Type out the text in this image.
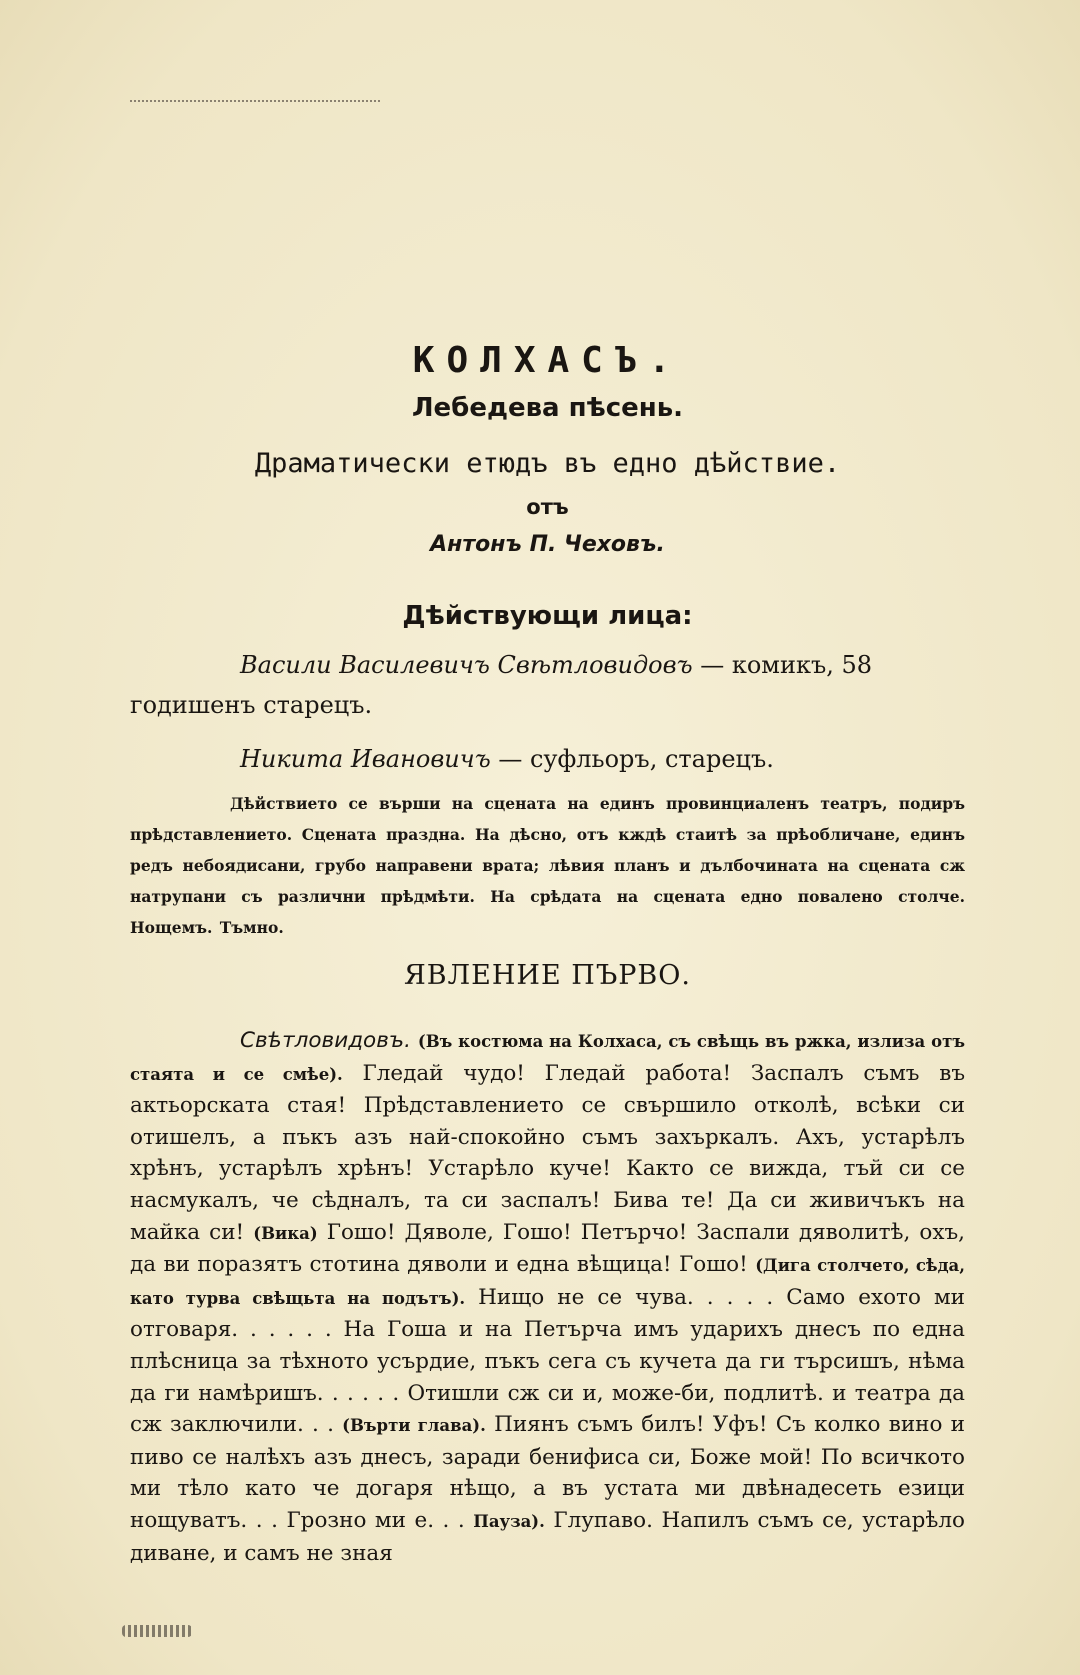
КОЛХАСЪ.
Лебедева пѣсень.
Драматически етюдъ въ едно дѣйствие.
отъ
Антонъ П. Чеховъ.
Дѣйствующи лица:

Васили Василевичъ Свѣтловидовъ — комикъ, 58 годишенъ старецъ.

Никита Ивановичъ — суфльоръ, старецъ.

Дѣйствието се върши на сцената на единъ провинциаленъ театръ, подиръ прѣдставлението. Сцената праздна. На дѣсно, отъ кждѣ стаитѣ за прѣобличане, единъ редъ небоядисани, грубо направени врата; лѣвия планъ и дълбочината на сцената сж натрупани съ различни прѣдмѣти. На срѣдата на сцената едно повалено столче. Нощемъ. Тъмно.
ЯВЛЕНИЕ ПЪРВО.
Свѣтловидовъ. (Въ костюма на Колхаса, съ свѣщь въ ржка, излиза отъ стаята и се смѣе). Гледай чудо! Гледай работа! Заспалъ съмъ въ актьорската стая! Прѣдставлението се свършило отколѣ, всѣки си отишелъ, а пъкъ азъ най-спокойно съмъ захъркалъ. Ахъ, устарѣлъ хрѣнъ, устарѣлъ хрѣнъ! Устарѣло куче! Както се вижда, тъй си се насмукалъ, че сѣдналъ, та си заспалъ! Бива те! Да си живичъкъ на майка си! (Вика) Гошо! Дяволе, Гошо! Петърчо! Заспали дяволитѣ, охъ, да ви поразятъ стотина дяволи и една вѣщица! Гошо! (Дига столчето, сѣда, като турва свѣщьта на подътъ). Нищо не се чува. . . . . Само ехото ми отговаря. . . . . . На Гоша и на Петърча имъ ударихъ днесъ по една плѣсница за тѣхното усърдие, пъкъ сега съ кучета да ги търсишъ, нѣма да ги намѣришъ. . . . . . Отишли сж си и, може-би, подлитѣ. и театра да сж заключили. . . (Върти глава). Пиянъ съмъ билъ! Уфъ! Съ колко вино и пиво се налѣхъ азъ днесъ, заради бенифиса си, Боже мой! По всичкото ми тѣло като че догаря нѣщо, а въ устата ми двѣнадесеть езици нощуватъ. . . Грозно ми е. . . Пауза). Глупаво. Напилъ съмъ се, устарѣло диване, и самъ не зная
